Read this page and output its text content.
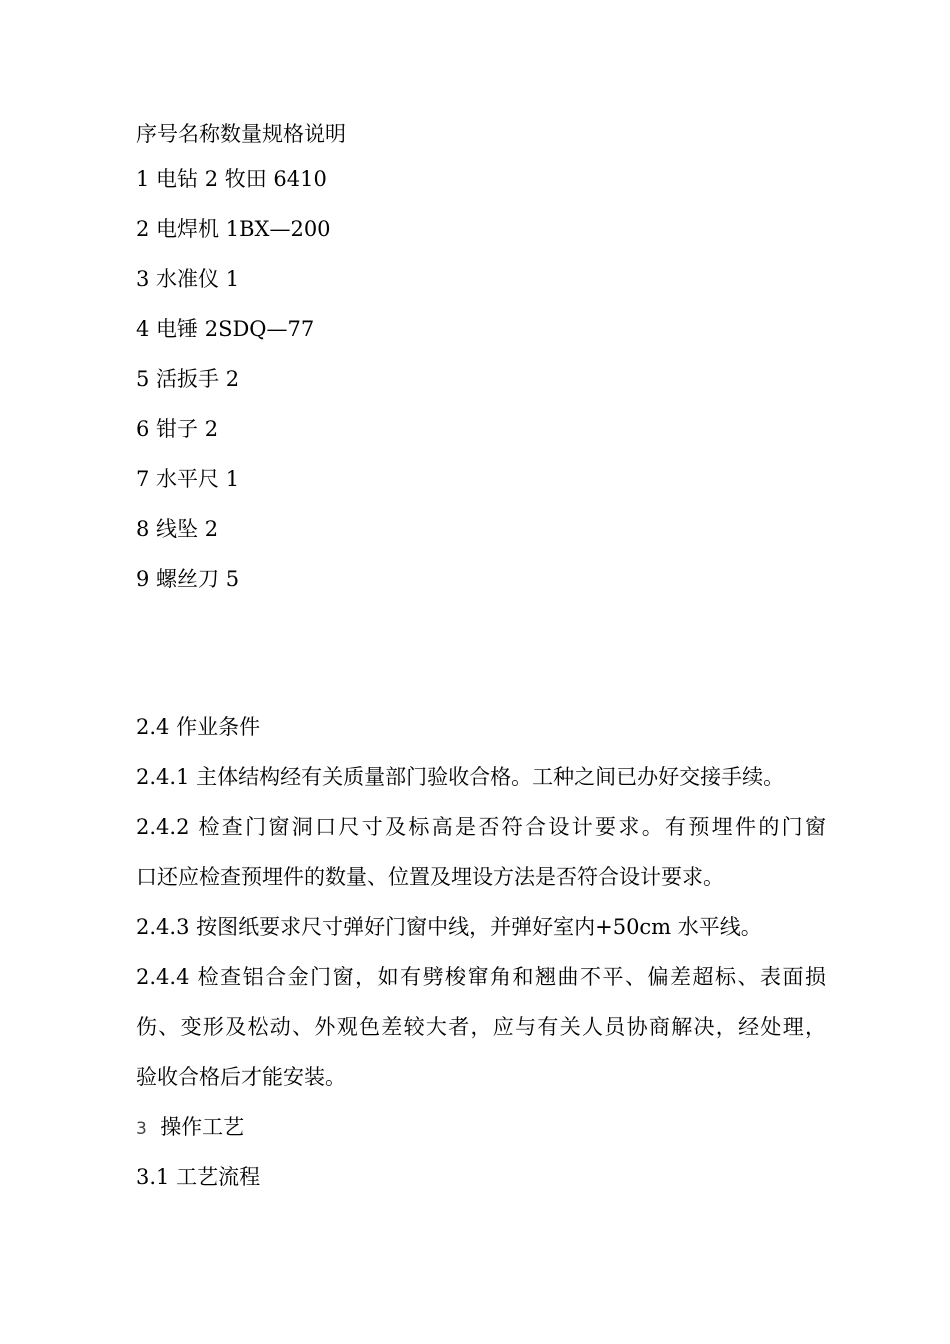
序号名称数量规格说明

1 电钻 2 牧田 6410

2 电焊机 1BX—200

3 水准仪 1

4 电锤 2SDQ—77

5 活扳手 2

6 钳子 2

7 水平尺 1

8 线坠 2

9 螺丝刀 5

2.4 作业条件

2.4.1 主体结构经有关质量部门验收合格。工种之间已办好交接手续。

2.4.2 检查门窗洞口尺寸及标高是否符合设计要求。有预埋件的门窗

口还应检查预埋件的数量、位置及埋设方法是否符合设计要求。

2.4.3 按图纸要求尺寸弹好门窗中线，并弹好室内+50cm 水平线。

2.4.4 检查铝合金门窗，如有劈梭窜角和翘曲不平、偏差超标、表面损

伤、变形及松动、外观色差较大者，应与有关人员协商解决，经处理，

验收合格后才能安装。

3 操作工艺

3.1 工艺流程
